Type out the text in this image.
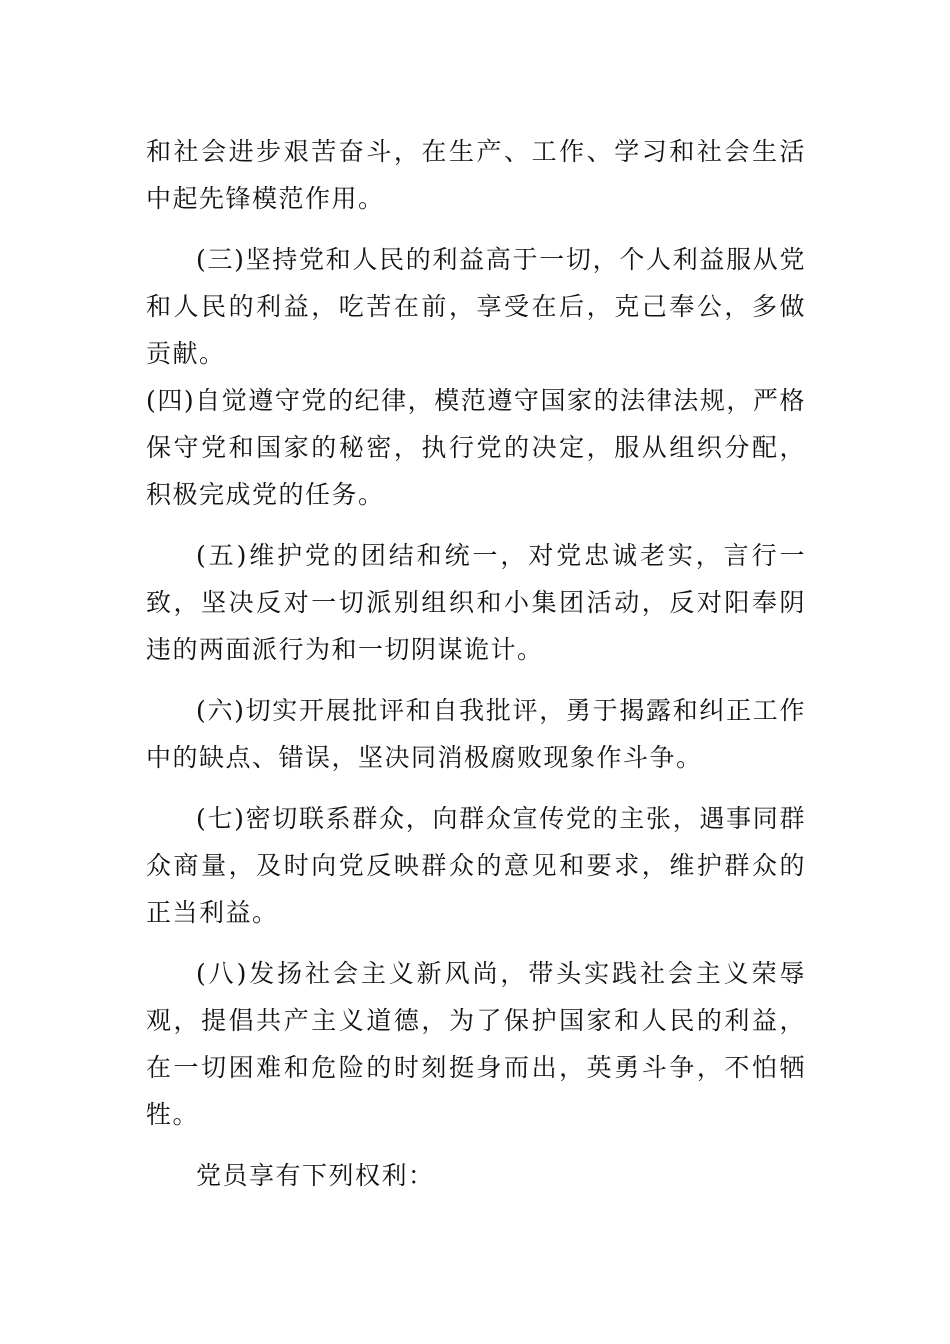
和社会进步艰苦奋斗，在生产、工作、学习和社会生活中起先锋模范作用。

(三)坚持党和人民的利益高于一切，个人利益服从党和人民的利益，吃苦在前，享受在后，克己奉公，多做贡献。

(四)自觉遵守党的纪律，模范遵守国家的法律法规，严格保守党和国家的秘密，执行党的决定，服从组织分配，积极完成党的任务。

(五)维护党的团结和统一，对党忠诚老实，言行一致，坚决反对一切派别组织和小集团活动，反对阳奉阴违的两面派行为和一切阴谋诡计。

(六)切实开展批评和自我批评，勇于揭露和纠正工作中的缺点、错误，坚决同消极腐败现象作斗争。

(七)密切联系群众，向群众宣传党的主张，遇事同群众商量，及时向党反映群众的意见和要求，维护群众的正当利益。

(八)发扬社会主义新风尚，带头实践社会主义荣辱观，提倡共产主义道德，为了保护国家和人民的利益，在一切困难和危险的时刻挺身而出，英勇斗争，不怕牺牲。

党员享有下列权利：
